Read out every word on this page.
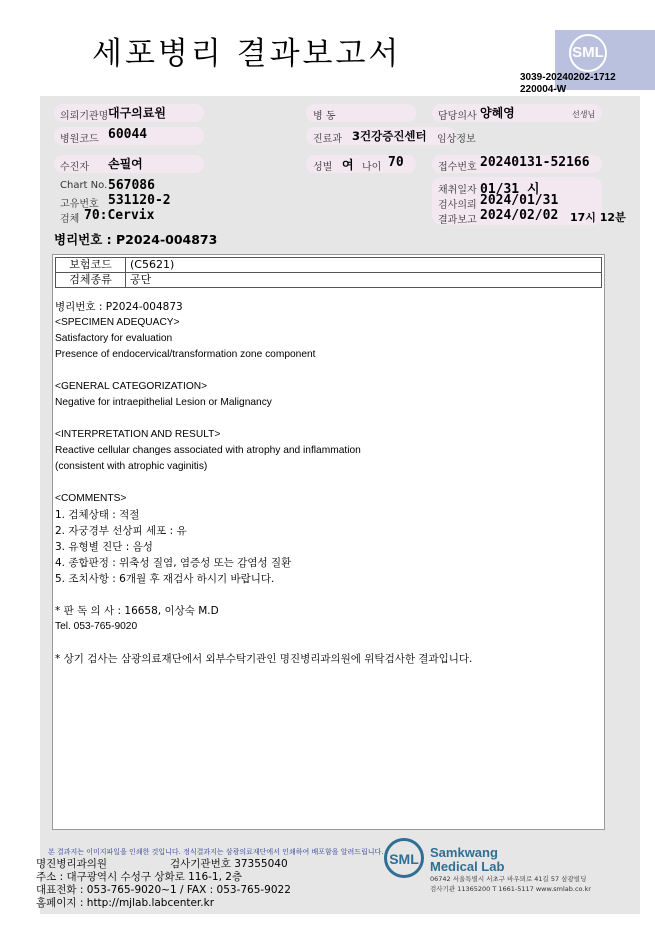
세포병리 결과보고서	SML
3039-20240202-1712
220004-W
의뢰기관명 대구의료원	병 동	담당의사 양혜영	선생님
병원코드 60044	진료과 3건강증진센터 임상정보
수진자 손필여	성별 여 나이 70	접수번호 20240131-52166
Chart No. 567086
고유번호 531120-2
검체 70:Cervix
채취일자 01/31 시
검사의뢰 2024/01/31
결과보고 2024/02/02 17시 12분
병리번호 : P2024-004873
보험코드	(C5621)
검체종류	공단
병리번호 : P2024-004873
<SPECIMEN ADEQUACY>
Satisfactory for evaluation
Presence of endocervical/transformation zone component

<GENERAL CATEGORIZATION>
Negative for intraepithelial Lesion or Malignancy

<INTERPRETATION AND RESULT>
Reactive cellular changes associated with atrophy and inflammation
(consistent with atrophic vaginitis)

<COMMENTS>
1. 검체상태 : 적절
2. 자궁경부 선상피 세포 : 유
3. 유형별 진단 : 음성
4. 종합판정 : 위축성 질염, 염증성 또는 감염성 질환
5. 조치사항 : 6개월 후 재검사 하시기 바랍니다.

* 판 독 의 사 : 16658, 이상숙 M.D
Tel. 053-765-9020

* 상기 검사는 삼광의료재단에서 외부수탁기관인 명진병리과의원에 위탁검사한 결과입니다.
본 결과지는 이미지파일을 인쇄한 것입니다. 정식결과지는 삼광의료재단에서 인쇄하여 배포함을 알려드립니다.
명진병리과의원	검사기관번호 37355040
주소 : 대구광역시 수성구 상화로 116-1, 2층
대표전화 : 053-765-9020~1 / FAX : 053-765-9022
홈페이지 : http://mjlab.labcenter.kr
SML Samkwang
Medical Lab
06742 서울특별시 서초구 바우뫼로 41길 57 삼광빌딩
검사기관 11365200 T 1661-5117 www.smlab.co.kr
